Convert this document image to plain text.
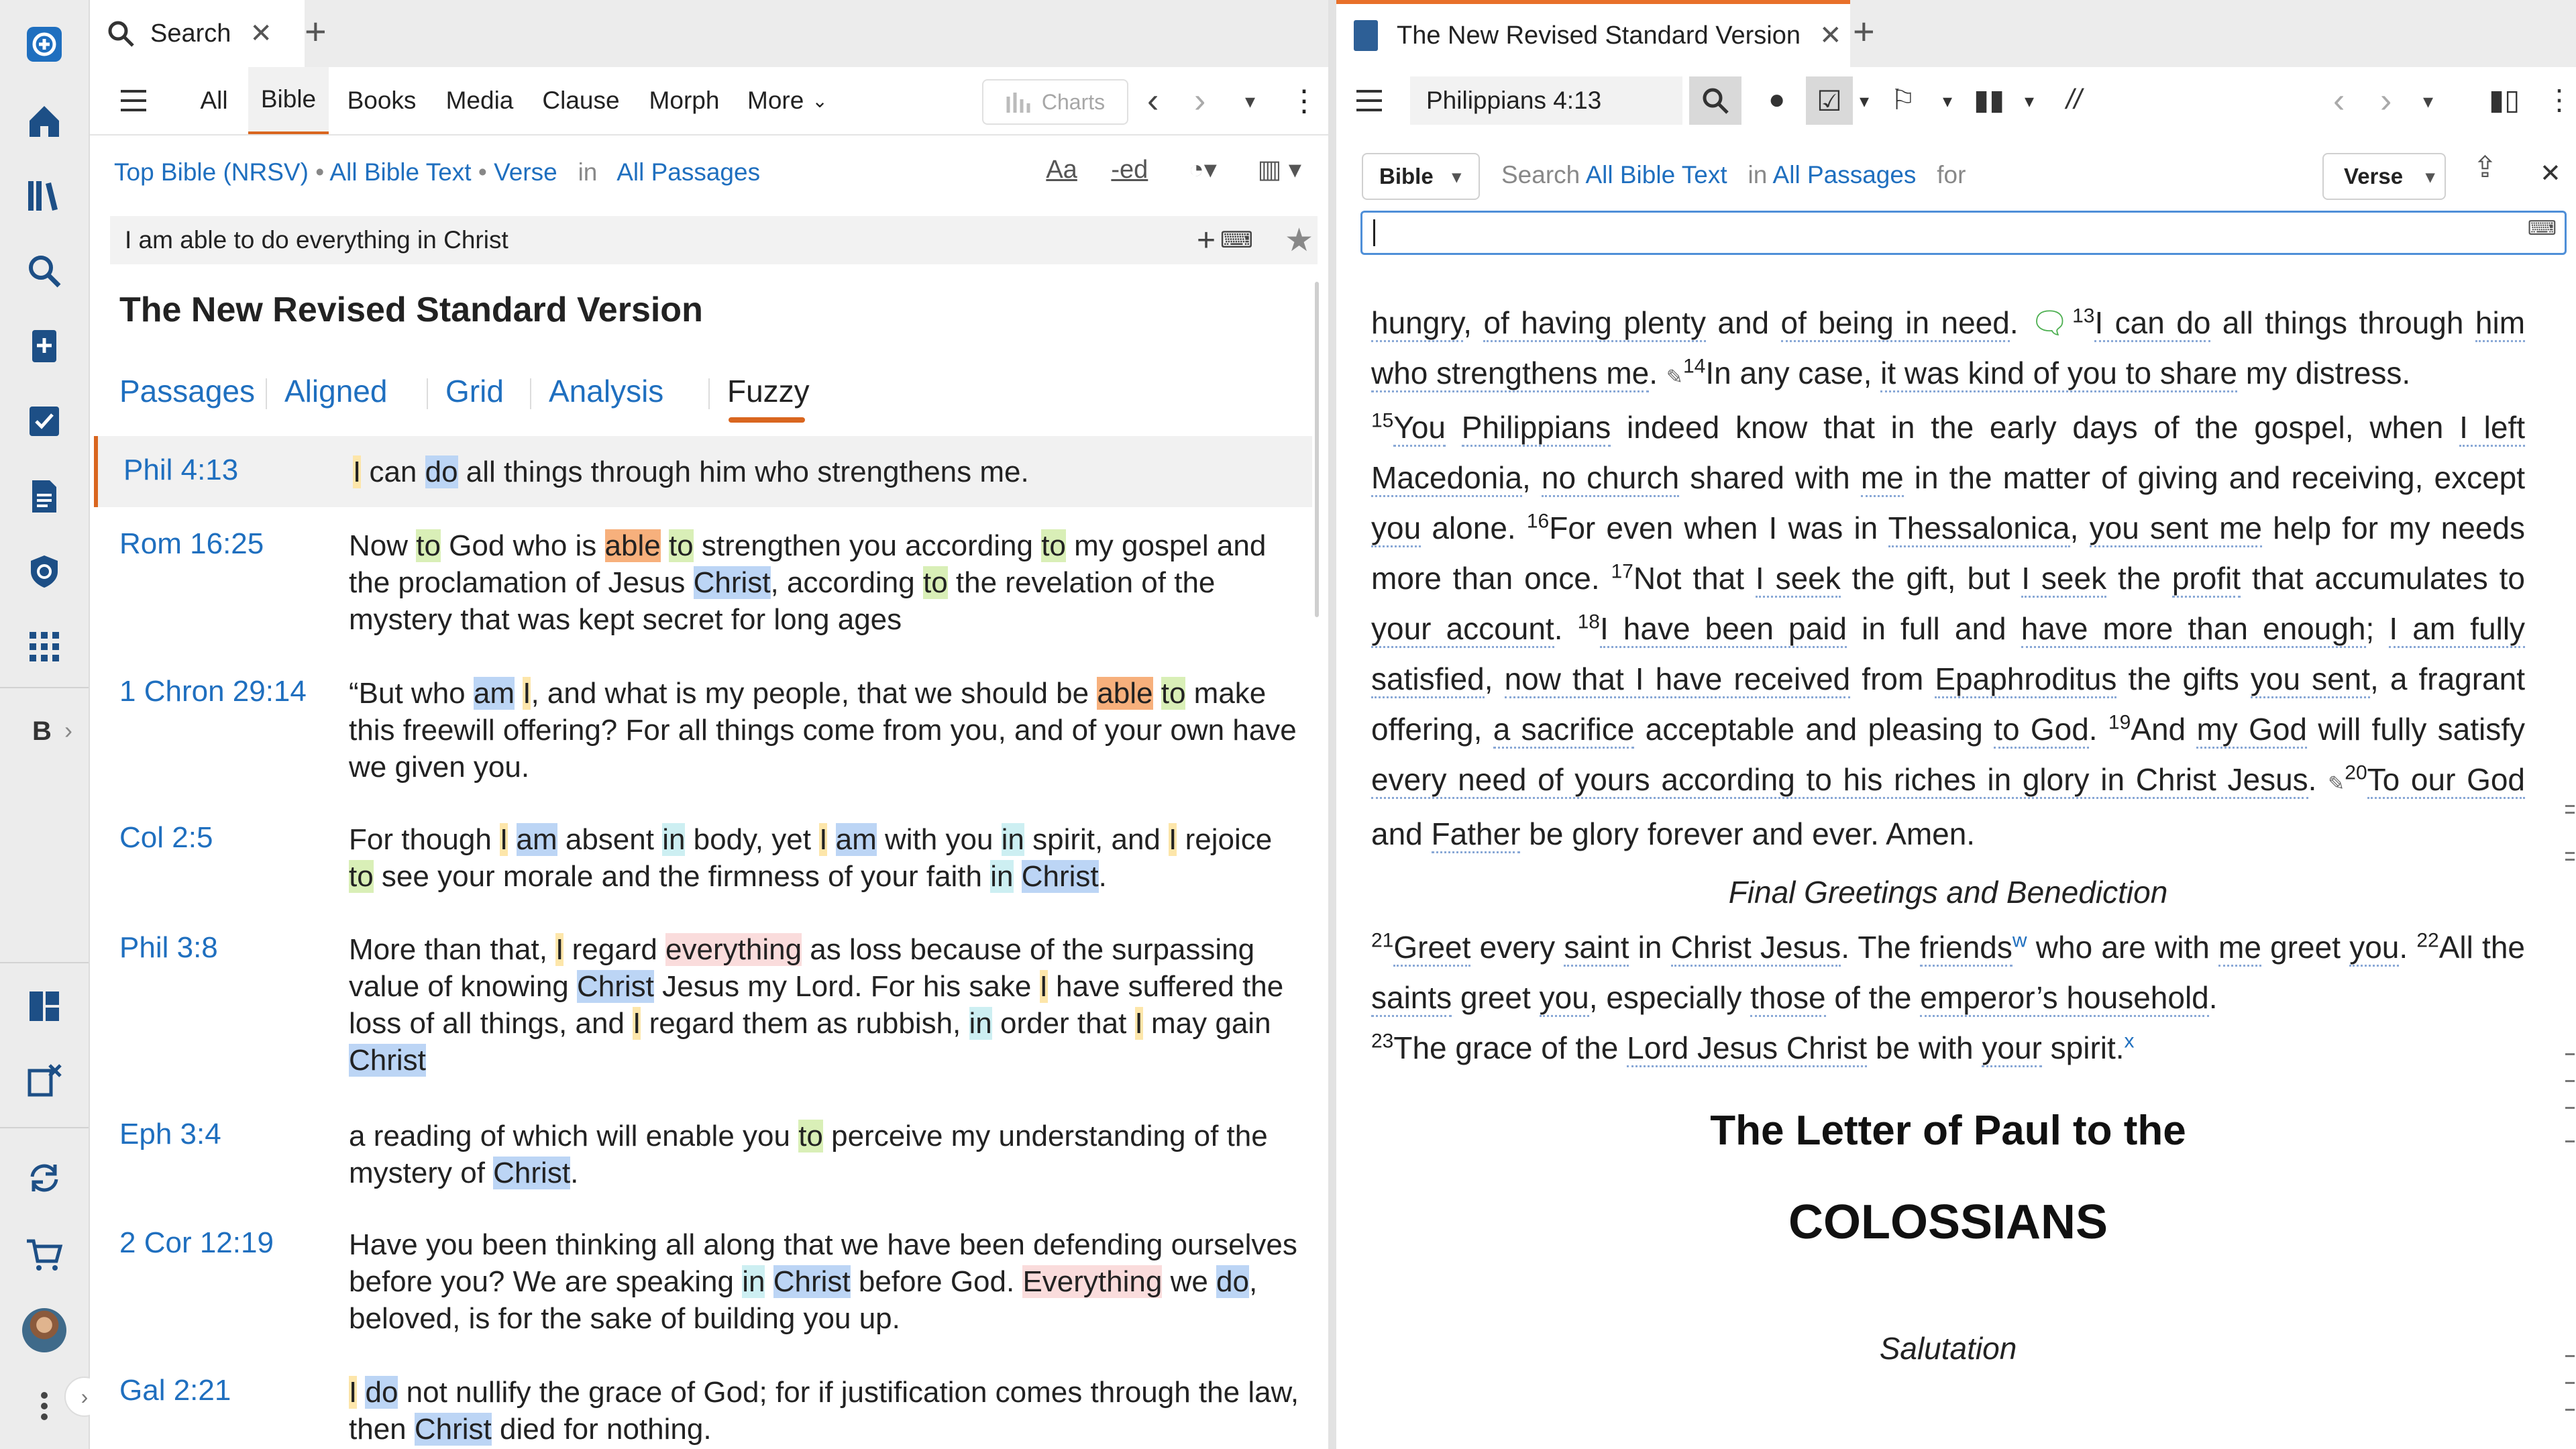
B ›
›
Search ✕ +
All	Bible	Books	Media	Clause	Morph	More ⌄	Charts ‹ › ▾ ⋮
Top Bible (NRSV) • All Bible Text • Verse in All Passages	Aa -ed ◔▾ ▥ ▾
I am able to do everything in Christ	+ ⌨ ★
The New Revised Standard Version
Passages Aligned Grid Analysis Fuzzy
Phil 4:13	I can do all things through him who strengthens me.
Rom 16:25	Now to God who is able to strengthen you according to my gospel and the proclamation of Jesus Christ, according to the revelation of the mystery that was kept secret for long ages
1 Chron 29:14 “But who am I, and what is my people, that we should be able to make this freewill offering? For all things come from you, and of your own have we given you.
Col 2:5	For though I am absent in body, yet I am with you in spirit, and I rejoice to see your morale and the firmness of your faith in Christ.
Phil 3:8	More than that, I regard everything as loss because of the surpassing value of knowing Christ Jesus my Lord. For his sake I have suffered the loss of all things, and I regard them as rubbish, in order that I may gain Christ
Eph 3:4	a reading of which will enable you to perceive my understanding of the mystery of Christ.
2 Cor 12:19	Have you been thinking all along that we have been defending ourselves before you? We are speaking in Christ before God. Everything we do, beloved, is for the sake of building you up.
Gal 2:21	I do not nullify the grace of God; for if justification comes through the law, then Christ died for nothing.
The New Revised Standard Version ✕ +
Philippians 4:13	●	☑ ▾ ⚐ ▾ ▮▮ ▾ //	‹ › ▾ ▮▯ ⋮
Bible ▾ Search All Bible Text in All Passages for	Verse ▾ ⇪ ✕
⌨
hungry, of having plenty and of being in need. 🗨$^{13}$I can do all things through him who strengthens me. ✎$^{14}$In any case, it was kind of you to share my distress.
$^{15}$You Philippians indeed know that in the early days of the gospel, when I left Macedonia, no church shared with me in the matter of giving and receiving, except you alone. $^{16}$For even when I was in Thessalonica, you sent me help for my needs more than once. $^{17}$Not that I seek the gift, but I seek the profit that accumulates to your account. $^{18}$I have been paid in full and have more than enough; I am fully satisfied, now that I have received from Epaphroditus the gifts you sent, a fragrant offering, a sacrifice acceptable and pleasing to God. $^{19}$And my God will fully satisfy every need of yours according to his riches in glory in Christ Jesus. ✎$^{20}$To our God and Father be glory forever and ever. Amen.
Final Greetings and Benediction
$^{21}$Greet every saint in Christ Jesus. The friends$^w$ who are with me greet you. $^{22}$All the saints greet you, especially those of the emperor’s household.
$^{23}$The grace of the Lord Jesus Christ be with your spirit.$^x$
The Letter of Paul to the
COLOSSIANS
Salutation
